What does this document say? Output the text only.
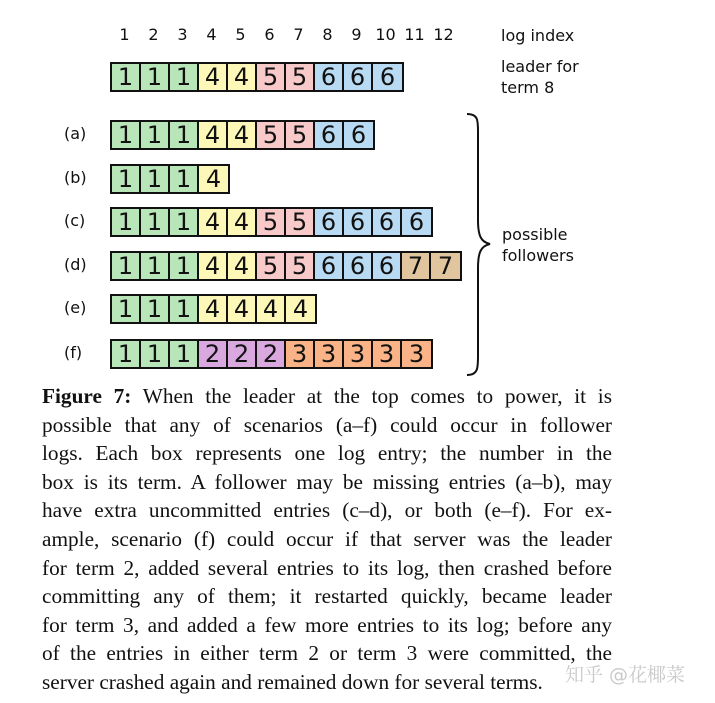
1	2	3	4	5	6	7	8	9 10 11 12	log index
1 1 1 4 4 5 5 6 6 6	leader for
term 8
(a) 1 1 1 4 4 5 5 6 6
(b) 1 1 1 4
(c) 1 1 1 4 4 5 5 6 6 6 6
(d) 1 1 1 4 4 5 5 6 6 6 7 7
(e) 1 1 1 4 4 4 4
(f) 1 1 1 2 2 2 3 3 3 3 3
possible
followers
Figure 7: When the leader at the top comes to power, it is
possible that any of scenarios (a–f) could occur in follower
logs. Each box represents one log entry; the number in the
box is its term. A follower may be missing entries (a–b), may
have extra uncommitted entries (c–d), or both (e–f). For ex-
ample, scenario (f) could occur if that server was the leader
for term 2, added several entries to its log, then crashed before
committing any of them; it restarted quickly, became leader
for term 3, and added a few more entries to its log; before any
of the entries in either term 2 or term 3 were committed, the
server crashed again and remained down for several terms.	知乎 @花椰菜
